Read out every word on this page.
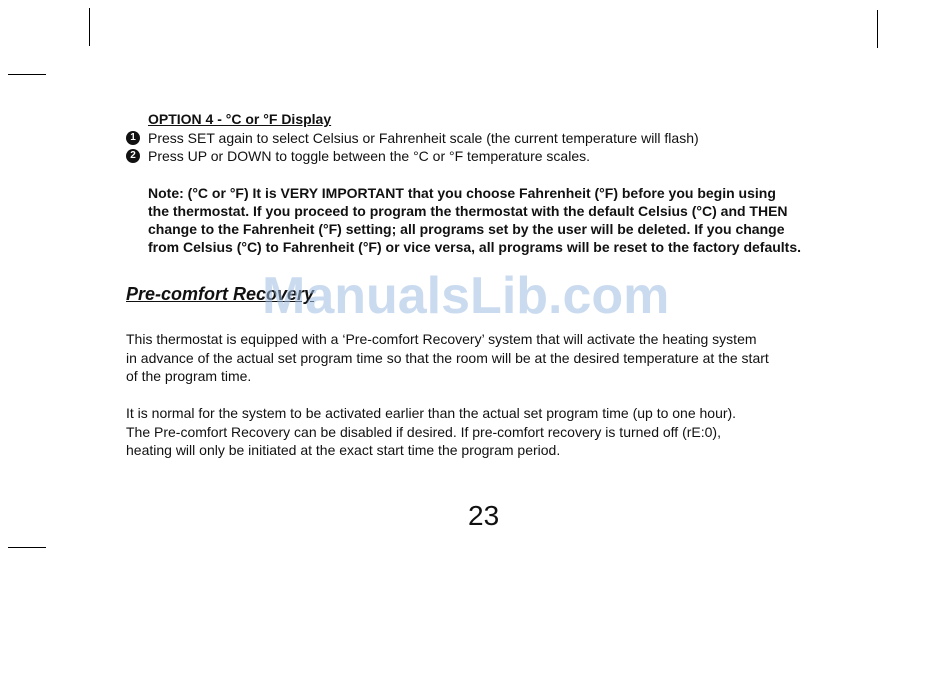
OPTION 4 - °C or °F Display
1 Press SET again to select Celsius or Fahrenheit scale (the current temperature will flash)
2 Press UP or DOWN to toggle between the °C or °F temperature scales.
Note: (°C or °F) It is VERY IMPORTANT that you choose Fahrenheit (°F) before you begin using
the thermostat. If you proceed to program the thermostat with the default Celsius (°C) and THEN
change to the Fahrenheit (°F) setting; all programs set by the user will be deleted. If you change
from Celsius (°C) to Fahrenheit (°F) or vice versa, all programs will be reset to the factory defaults.
Pre-comfort Recovery
ManualsLib.com
This thermostat is equipped with a ‘Pre-comfort Recovery’ system that will activate the heating system
in advance of the actual set program time so that the room will be at the desired temperature at the start
of the program time.
It is normal for the system to be activated earlier than the actual set program time (up to one hour).
The Pre-comfort Recovery can be disabled if desired. If pre-comfort recovery is turned off (rE:0),
heating will only be initiated at the exact start time the program period.
23
